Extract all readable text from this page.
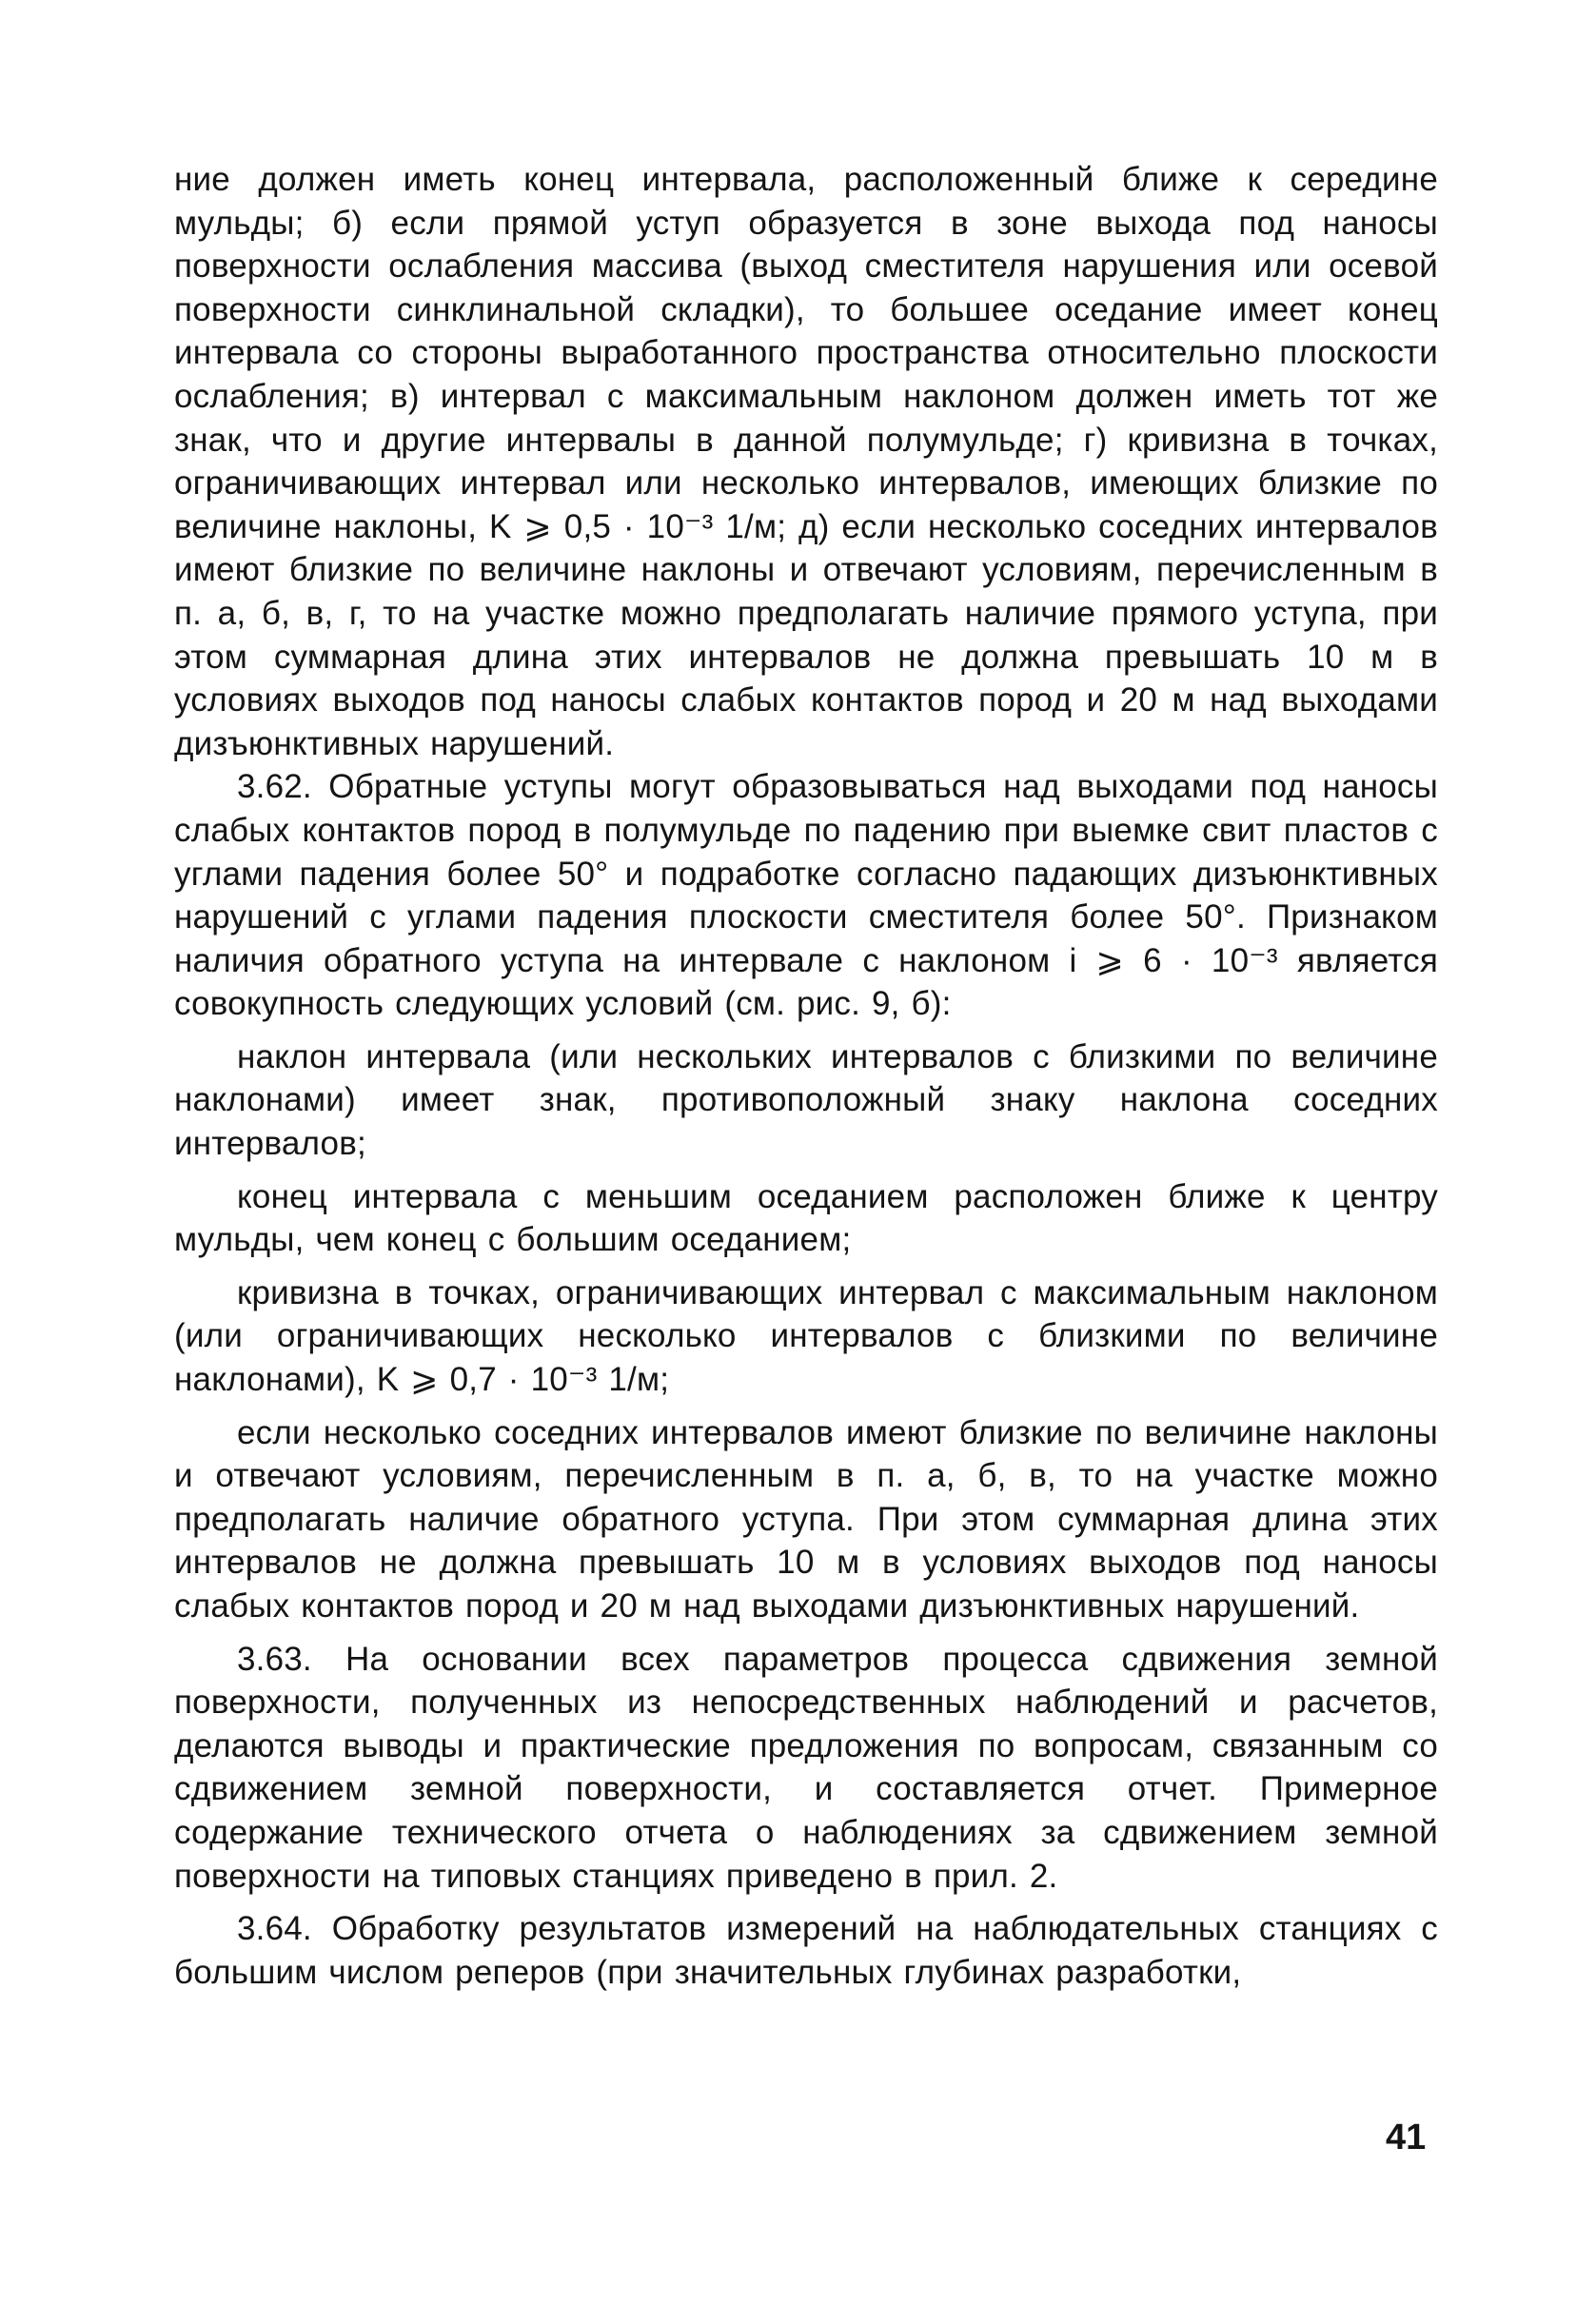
ние должен иметь конец интервала, расположенный ближе к середине мульды; б) если прямой уступ образуется в зоне выхода под наносы поверхности ослабления массива (выход сместителя нарушения или осевой поверхности синклинальной складки), то большее оседание имеет конец интервала со стороны выработанного пространства относительно плоскости ослабления; в) интервал с максимальным наклоном должен иметь тот же знак, что и другие интервалы в данной полумульде; г) кривизна в точках, ограничивающих интервал или несколько интервалов, имеющих близкие по величине наклоны, K ⩾ 0,5 · 10⁻³ 1/м; д) если несколько соседних интервалов имеют близкие по величине наклоны и отвечают условиям, перечисленным в п. а, б, в, г, то на участке можно предполагать наличие прямого уступа, при этом суммарная длина этих интервалов не должна превышать 10 м в условиях выходов под наносы слабых контактов пород и 20 м над выходами дизъюнктивных нарушений.

3.62. Обратные уступы могут образовываться над выходами под наносы слабых контактов пород в полумульде по падению при выемке свит пластов с углами падения более 50° и подработке согласно падающих дизъюнктивных нарушений с углами падения плоскости сместителя более 50°. Признаком наличия обратного уступа на интервале с наклоном i ⩾ 6 · 10⁻³ является совокупность следующих условий (см. рис. 9, б):

наклон интервала (или нескольких интервалов с близкими по величине наклонами) имеет знак, противоположный знаку наклона соседних интервалов;

конец интервала с меньшим оседанием расположен ближе к центру мульды, чем конец с большим оседанием;

кривизна в точках, ограничивающих интервал с максимальным наклоном (или ограничивающих несколько интервалов с близкими по величине наклонами), K ⩾ 0,7 · 10⁻³ 1/м;

если несколько соседних интервалов имеют близкие по величине наклоны и отвечают условиям, перечисленным в п. а, б, в, то на участке можно предполагать наличие обратного уступа. При этом суммарная длина этих интервалов не должна превышать 10 м в условиях выходов под наносы слабых контактов пород и 20 м над выходами дизъюнктивных нарушений.

3.63. На основании всех параметров процесса сдвижения земной поверхности, полученных из непосредственных наблюдений и расчетов, делаются выводы и практические предложения по вопросам, связанным со сдвижением земной поверхности, и составляется отчет. Примерное содержание технического отчета о наблюдениях за сдвижением земной поверхности на типовых станциях приведено в прил. 2.

3.64. Обработку результатов измерений на наблюдательных станциях с большим числом реперов (при значительных глубинах разработки,

41
